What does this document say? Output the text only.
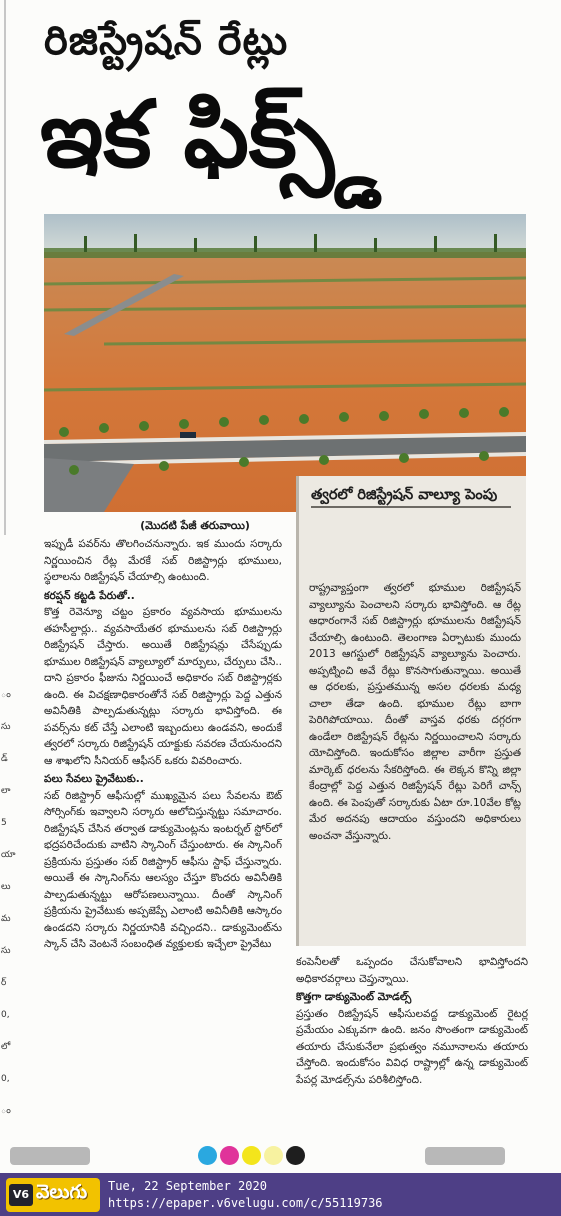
ం
సు
డ్
లా
5
యా
లు
మ
సు
ర్
0,
లో
0,
ం
రిజిస్ట్రేషన్ రేట్లు
ఇక ఫిక్స్డ్
(మొదటి పేజీ తరువాయి)

ఇప్పుడీ పవర్‌ను తొలగించనున్నారు. ఇక ముందు సర్కారు నిర్ణయించిన రేట్ల మేరకే సబ్ రిజిస్ట్రార్లు భూములు, స్థలాలను రిజిస్ట్రేషన్ చేయాల్సి ఉంటుంది.

కరప్షన్ కట్టడి పేరుతో..

కొత్త రెవెన్యూ చట్టం ప్రకారం వ్యవసాయ భూములను తహసీల్దార్లు.. వ్యవసాయేతర భూములను సబ్ రిజిస్ట్రార్లు రిజిస్ట్రేషన్ చేస్తారు. అయితే రిజిస్ట్రేషన్లు చేసేప్పుడు భూముల రిజిస్ట్రేషన్ వ్యాల్యూలో మార్పులు, చేర్పులు చేసి.. దాని ప్రకారం ఫీజును నిర్ణయించే అధికారం సబ్ రిజిస్ట్రార్లకు ఉంది. ఈ విచక్షణాధికారంతోనే సబ్ రిజిస్ట్రార్లు పెద్ద ఎత్తున అవినీతికి పాల్పడుతున్నట్లు సర్కారు భావిస్తోంది. ఈ పవర్స్‌ను కట్ చేస్తే ఎలాంటి ఇబ్బందులు ఉండవని, అందుకే త్వరలో సర్కారు రిజిస్ట్రేషన్ యాక్టుకు సవరణ చేయనుందని ఆ శాఖలోని సీనియర్ ఆఫీసర్ ఒకరు వివరించారు.

పలు సేవలు ప్రైవేటుకు..

సబ్ రిజిస్ట్రార్ ఆఫీసుల్లో ముఖ్యమైన పలు సేవలను ఔట్ సోర్సింగ్‌కు ఇవ్వాలని సర్కారు ఆలోచిస్తున్నట్టు సమాచారం. రిజిస్ట్రేషన్ చేసిన తర్వాత డాక్యుమెంట్లను ఇంటర్నల్ స్టోర్‌లో భద్రపరిచేందుకు వాటిని స్కానింగ్ చేస్తుంటారు. ఈ స్కానింగ్ ప్రక్రియను ప్రస్తుతం సబ్ రిజిస్ట్రార్ ఆఫీసు స్టాఫ్ చేస్తున్నారు. అయితే ఈ స్కానింగ్‌ను ఆలస్యం చేస్తూ కొందరు అవినీతికి పాల్పడుతున్నట్టు ఆరోపణలున్నాయి. దీంతో స్కానింగ్ ప్రక్రియను ప్రైవేటుకు అప్పజెప్పే ఎలాంటి అవినీతికి ఆస్కారం ఉండదని సర్కారు నిర్ణయానికి వచ్చిందని.. డాక్యుమెంట్‌ను స్కాన్ చేసి వెంటనే సంబంధిత వ్యక్తులకు ఇచ్చేలా ప్రైవేటు

త్వరలో రిజిస్ట్రేషన్ వాల్యూ పెంపు
రాష్ట్రవ్యాప్తంగా త్వరలో భూముల రిజిస్ట్రేషన్ వ్యాల్యూను పెంచాలని సర్కారు భావిస్తోంది. ఆ రేట్ల ఆధారంగానే సబ్ రిజిస్ట్రార్లు భూములను రిజిస్ట్రేషన్ చేయాల్సి ఉంటుంది. తెలంగాణ ఏర్పాటుకు ముందు 2013 ఆగస్టులో రిజిస్ట్రేషన్ వ్యాల్యూను పెంచారు. అప్పట్నించి అవే రేట్లు కొనసాగుతున్నాయి. అయితే ఆ ధరలకు, ప్రస్తుతమున్న అసల ధరలకు మధ్య చాలా తేడా ఉంది. భూముల రేట్లు బాగా పెరిగిపోయాయి. దీంతో వాస్తవ ధరకు దగ్గరగా ఉండేలా రిజిస్ట్రేషన్ రేట్లను నిర్ణయించాలని సర్కారు యోచిస్తోంది. ఇందుకోసం జిల్లాల వారీగా ప్రస్తుత మార్కెట్ ధరలను సేకరిస్తోంది. ఈ లెక్కన కొన్ని జిల్లా కేంద్రాల్లో పెద్ద ఎత్తున రిజిస్ట్రేషన్ రేట్లు పెరిగే చాన్స్ ఉంది. ఈ పెంపుతో సర్కారుకు ఏటా రూ.10వేల కోట్ల మేర అదనపు ఆదాయం వస్తుందని అధికారులు అంచనా వేస్తున్నారు.

కంపెనీలతో ఒప్పందం చేసుకోవాలని భావిస్తోందని అధికారవర్గాలు చెప్తున్నాయి.

కొత్తగా డాక్యుమెంట్ మోడల్స్

ప్రస్తుతం రిజిస్ట్రేషన్ ఆఫీసులవద్ద డాక్యుమెంట్ రైటర్ల ప్రమేయం ఎక్కువగా ఉంది. జనం సొంతంగా డాక్యుమెంట్ తయారు చేసుకునేలా ప్రభుత్వం నమూనాలను తయారు చేస్తోంది. ఇందుకోసం వివిధ రాష్ట్రాల్లో ఉన్న డాక్యుమెంట్ పేపర్ల మోడల్స్‌ను పరిశీలిస్తోంది.

V6 వెలుగు Tue, 22 September 2020
https://epaper.v6velugu.com/c/55119736
